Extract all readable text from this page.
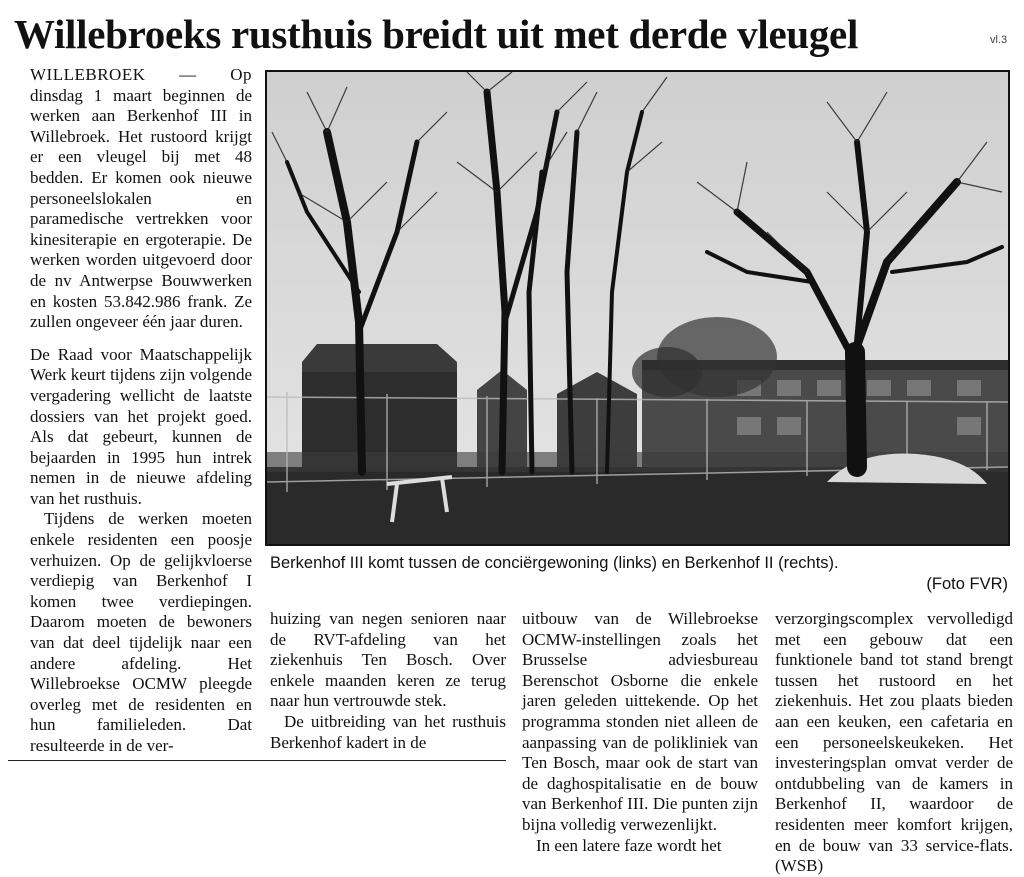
Willebroeks rusthuis breidt uit met derde vleugel	vl.3

WILLEBROEK — Op

dinsdag 1 maart beginnen de werken aan Berkenhof III in Willebroek. Het rustoord krijgt er een vleugel bij met 48 bedden. Er komen ook nieuwe personeelslokalen en paramedische vertrekken voor kinesiterapie en ergoterapie. De werken worden uitgevoerd door de nv Antwerpse Bouwwerken en kosten 53.842.986 frank. Ze zullen ongeveer één jaar duren.

De Raad voor Maatschappelijk Werk keurt tijdens zijn volgende vergadering wellicht de laatste dossiers van het projekt goed. Als dat gebeurt, kunnen de bejaarden in 1995 hun intrek nemen in de nieuwe afdeling van het rusthuis.

Tijdens de werken moeten enkele residenten een poosje verhuizen. Op de gelijkvloerse verdiepig van Berkenhof I komen twee verdiepingen. Daarom moeten de bewoners van dat deel tijdelijk naar een andere afdeling. Het Willebroekse OCMW pleegde overleg met de residenten en hun familieleden. Dat resulteerde in de ver-

Berkenhof III komt tussen de conciërgewoning (links) en Berkenhof II (rechts).
(Foto FVR)

huizing van negen senioren naar de RVT-afdeling van het ziekenhuis Ten Bosch. Over enkele maanden keren ze terug naar hun vertrouwde stek.

De uitbreiding van het rusthuis Berkenhof kadert in de

uitbouw van de Willebroekse OCMW-instellingen zoals het Brusselse adviesbureau Berenschot Osborne die enkele jaren geleden uittekende. Op het programma stonden niet alleen de aanpassing van de polikliniek van Ten Bosch, maar ook de start van de daghospitalisatie en de bouw van Berkenhof III. Die punten zijn bijna volledig verwezenlijkt.

In een latere faze wordt het

verzorgingscomplex vervolledigd met een gebouw dat een funktionele band tot stand brengt tussen het rustoord en het ziekenhuis. Het zou plaats bieden aan een keuken, een cafetaria en een personeelskeukeken. Het investeringsplan omvat verder de ontdubbeling van de kamers in Berkenhof II, waardoor de residenten meer komfort krijgen, en de bouw van 33 service-flats. (WSB)
